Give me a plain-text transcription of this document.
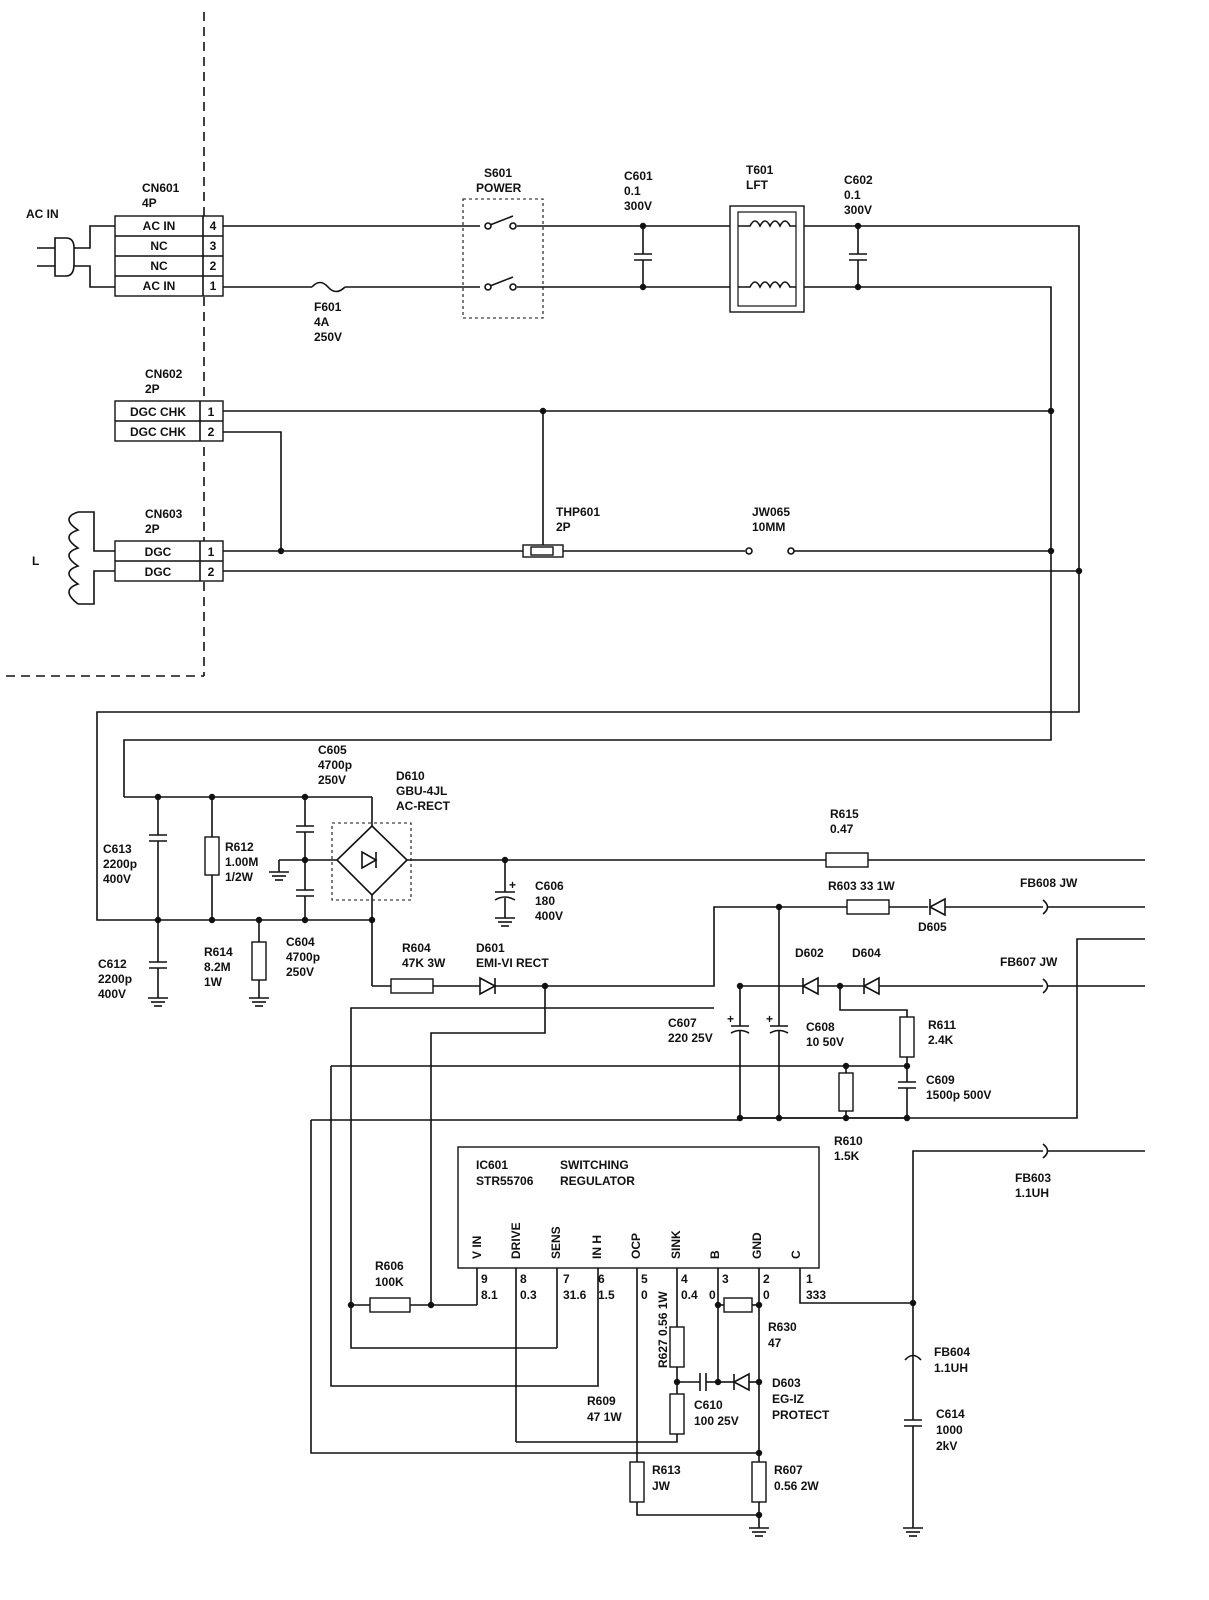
AC IN
CN601
4P
AC IN	4
NC	3
NC	2
AC IN	1
F601
4A
250V
S601
POWER
C601
0.1
300V
T601
LFT	C602
0.1
300V
CN602
2P
DGC CHK 1
DGC CHK 2
CN603
2P
DGC	1
DGC	2
L
THP601
2P
JW065
10MM
C613
2200p
400V
R612
1.00M
1/2W
C605
4700p
250V
C604
4700p
250V
D610
GBU-4JL
AC-RECT
+ C606
180
400V
R615
0.47
C612
2200p
400V
R614
8.2M
1W
R604
47K 3W
D601
EMI-VI RECT
R603 33 1W
D605
FB608 JW
D602 D604
FB607 JW
+
C607
220 25V
+
C608
10 50V
R611
2.4K
C609
1500p 500V
R610
1.5K
FB603
1.1UH
IC601
STR55706
SWITCHING
REGULATOR
V IN DRIVE SENS IN H OCP SINK B GND C
9
8.1
8
0.3
7
31.6
6
1.5
5
0
4
0.4
3
0
2
0
1
333
R606
100K
R630
47
R627 0.56 1W
C610
100 25V
D603
EG-IZ
PROTECT
R609
47 1W
R613
JW
R607
0.56 2W
FB604
1.1UH
C614
1000
2kV
